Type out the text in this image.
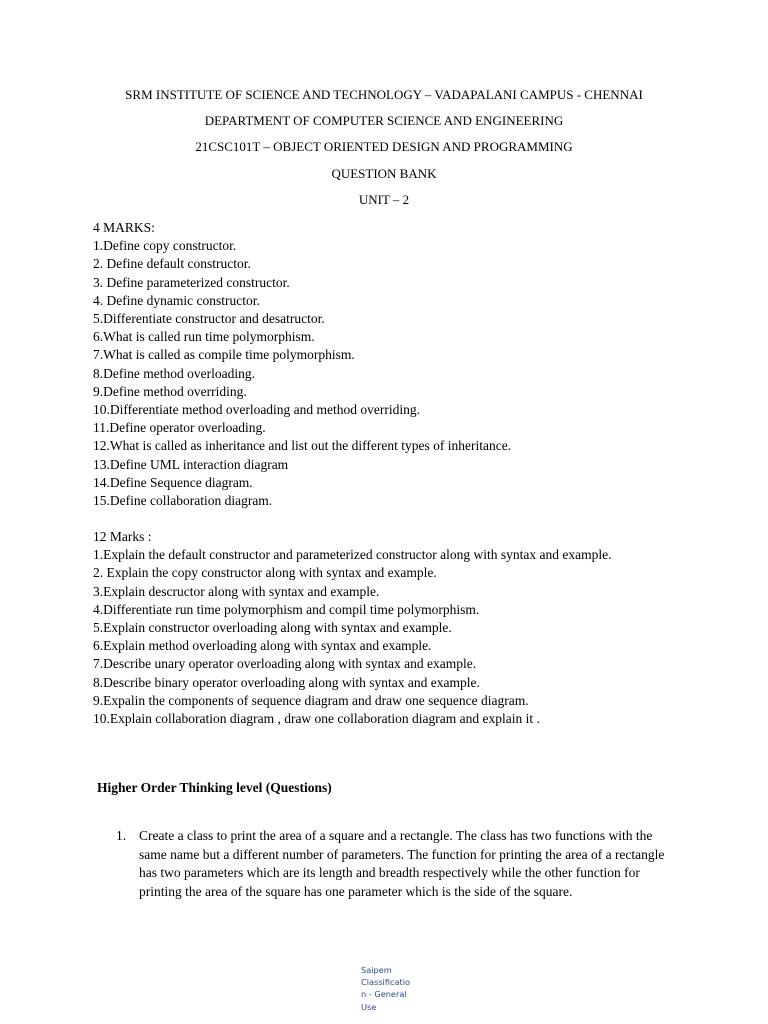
SRM INSTITUTE OF SCIENCE AND TECHNOLOGY – VADAPALANI CAMPUS - CHENNAI
DEPARTMENT OF COMPUTER SCIENCE AND ENGINEERING
21CSC101T – OBJECT ORIENTED DESIGN AND PROGRAMMING
QUESTION BANK
UNIT – 2
4 MARKS:
1.Define copy constructor.
2. Define default constructor.
3. Define parameterized constructor.
4. Define dynamic constructor.
5.Differentiate constructor and desatructor.
6.What is called run time polymorphism.
7.What is called as compile time polymorphism.
8.Define method overloading.
9.Define method overriding.
10.Differentiate method overloading and method overriding.
11.Define operator overloading.
12.What is called as inheritance and list out the different types of inheritance.
13.Define UML interaction diagram
14.Define Sequence diagram.
15.Define collaboration diagram.
12 Marks :
1.Explain the default constructor and parameterized constructor along with syntax and example.
2. Explain the copy constructor along with syntax and example.
3.Explain descructor along with syntax and example.
4.Differentiate run time polymorphism and compil time polymorphism.
5.Explain constructor overloading along with syntax and example.
6.Explain method overloading along with syntax and example.
7.Describe unary operator overloading along with syntax and example.
8.Describe binary operator overloading along with syntax and example.
9.Expalin the components of sequence diagram and draw one sequence diagram.
10.Explain collaboration diagram , draw one collaboration diagram and explain it .
Higher Order Thinking level (Questions)
1. Create a class to print the area of a square and a rectangle. The class has two functions with the same name but a different number of parameters. The function for printing the area of a rectangle has two parameters which are its length and breadth respectively while the other function for printing the area of the square has one parameter which is the side of the square.
Saipem Classification - General Use
